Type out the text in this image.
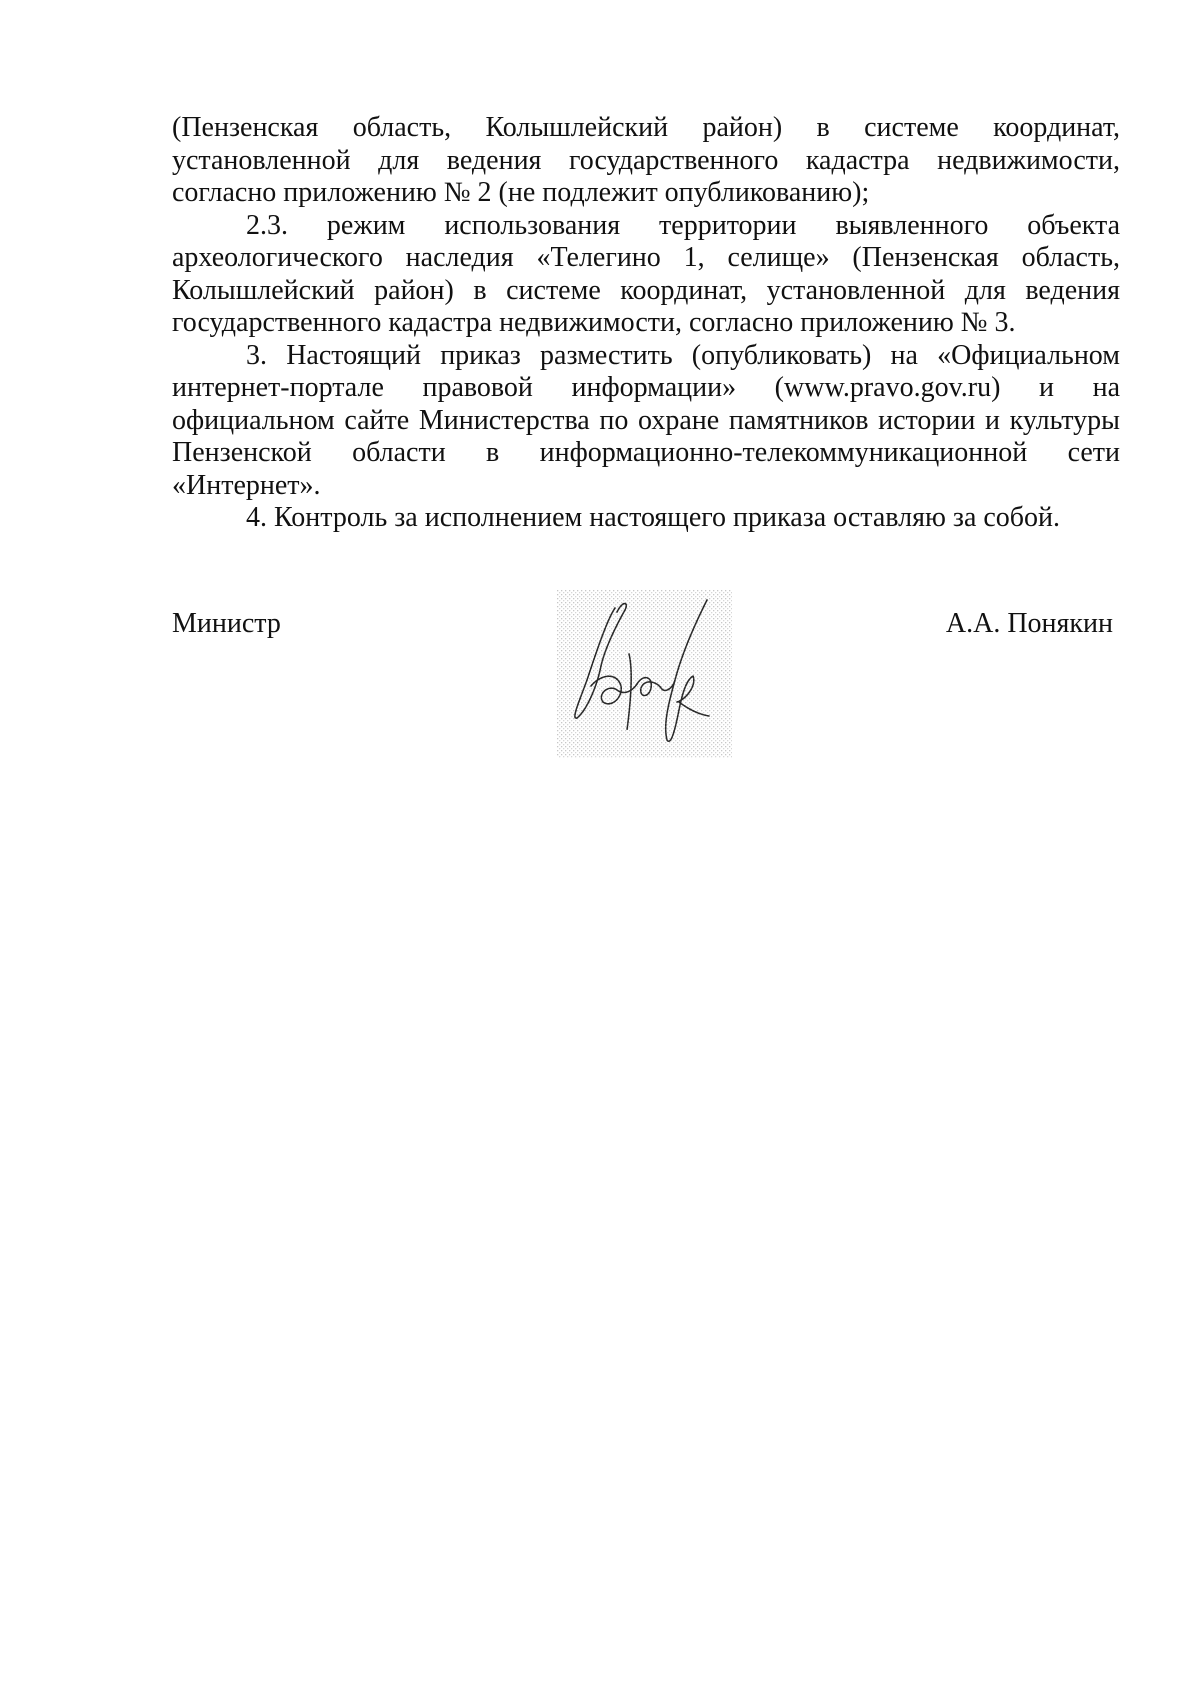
(Пензенская область, Колышлейский район) в системе координат, установленной для ведения государственного кадастра недвижимости, согласно приложению № 2 (не подлежит опубликованию);

2.3. режим использования территории выявленного объекта археологического наследия «Телегино 1, селище» (Пензенская область, Колышлейский район) в системе координат, установленной для ведения государственного кадастра недвижимости, согласно приложению № 3.

3. Настоящий приказ разместить (опубликовать) на «Официальном интернет-портале правовой информации» (www.pravo.gov.ru) и на официальном сайте Министерства по охране памятников истории и культуры Пензенской области в информационно-телекоммуникационной сети «Интернет».

4. Контроль за исполнением настоящего приказа оставляю за собой.

Министр	А.А. Понякин
